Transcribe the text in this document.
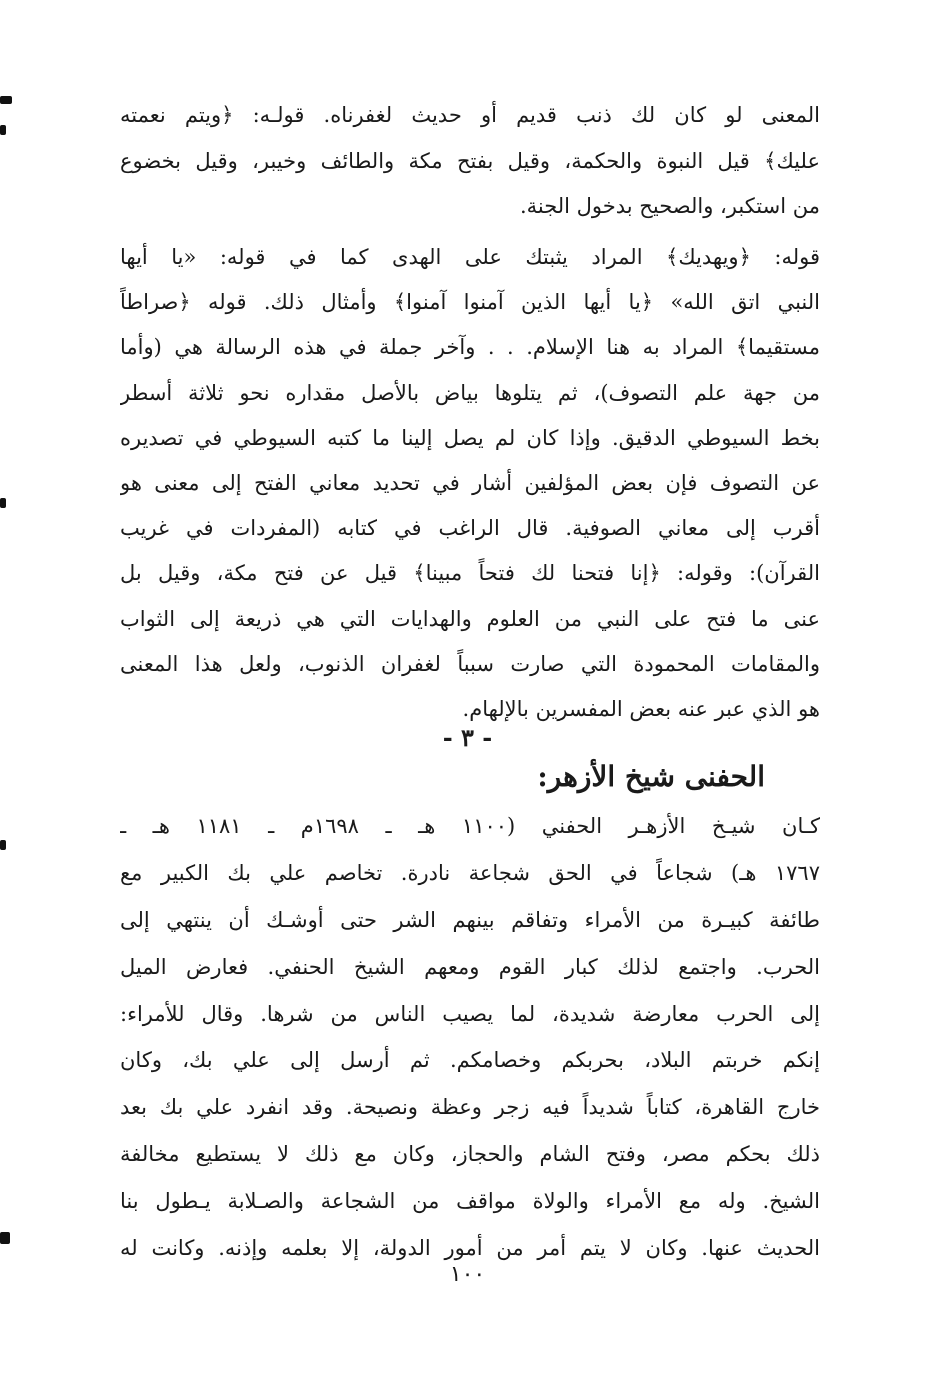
المعنى لو كان لك ذنب قديم أو حديث لغفرناه. قولـه: ﴿ويتم نعمته
عليك﴾ قيل النبوة والحكمة، وقيل بفتح مكة والطائف وخيبر، وقيل بخضوع
من استكبر، والصحيح بدخول الجنة.
قوله: ﴿ويهديك﴾ المراد يثبتك على الهدى كما في قوله: «يا أيها
النبي اتق الله» ﴿يا أيها الذين آمنوا آمنوا﴾ وأمثال ذلك. قوله ﴿صراطاً
مستقيما﴾ المراد به هنا الإسلام. . . وآخر جملة في هذه الرسالة هي (وأما
من جهة علم التصوف)، ثم يتلوها بياض بالأصل مقداره نحو ثلاثة أسطر
بخط السيوطي الدقيق. وإذا كان لم يصل إلينا ما كتبه السيوطي في تصديره
عن التصوف فإن بعض المؤلفين أشار في تحديد معاني الفتح إلى معنى هو
أقرب إلى معاني الصوفية. قال الراغب في كتابه (المفردات في غريب
القرآن): وقوله: ﴿إنا فتحنا لك فتحاً مبينا﴾ قيل عن فتح مكة، وقيل بل
عنى ما فتح على النبي من العلوم والهدايات التي هي ذريعة إلى الثواب
والمقامات المحمودة التي صارت سبباً لغفران الذنوب، ولعل هذا المعنى
هو الذي عبر عنه بعض المفسرين بالإلهام.
- ٣ -
الحفنى شيخ الأزهر:
كـان شيـخ الأزهـر الحفني (١١٠٠ هـ ـ ١٦٩٨م ـ ١١٨١ هـ ـ
١٧٦٧ هـ) شجاعاً في الحق شجاعة نادرة. تخاصم علي بك الكبير مع
طائفة كبيـرة من الأمراء وتفاقم بينهم الشر حتى أوشـك أن ينتهي إلى
الحرب. واجتمع لذلك كبار القوم ومعهم الشيخ الحنفي. فعارض الميل
إلى الحرب معارضة شديدة، لما يصيب الناس من شرها. وقال للأمراء:
إنكم خربتم البلاد، بحربكم وخصامكم. ثم أرسل إلى علي بك، وكان
خارج القاهرة، كتاباً شديداً فيه زجر وعظة ونصيحة. وقد انفرد علي بك بعد
ذلك بحكم مصر، وفتح الشام والحجاز، وكان مع ذلك لا يستطيع مخالفة
الشيخ. وله مع الأمراء والولاة مواقف من الشجاعة والصـلابة يـطول بنا
الحديث عنها. وكان لا يتم أمر من أمور الدولة، إلا بعلمه وإذنه. وكانت له
١٠٠
